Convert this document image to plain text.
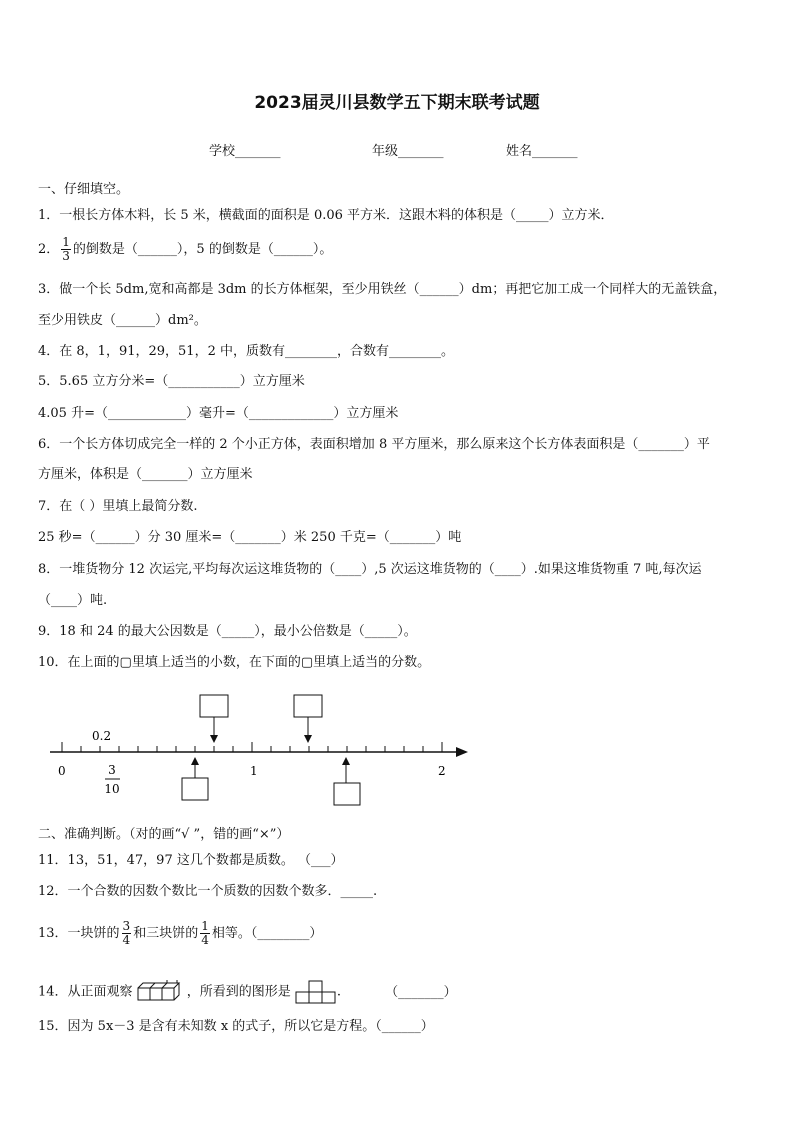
2023届灵川县数学五下期末联考试题
学校_______	年级_______	姓名_______
一、仔细填空。
1．一根长方体木料，长 5 米，横截面的面积是 0.06 平方米．这跟木料的体积是（_____）立方米．
2． $\frac{1}{3}$ 的倒数是（______），5 的倒数是（______）。
3．做一个长 5dm,宽和高都是 3dm 的长方体框架，至少用铁丝（______）dm；再把它加工成一个同样大的无盖铁盒，
至少用铁皮（______）dm²。
4．在 8，1，91，29，51，2 中，质数有________，合数有________。
5．5.65 立方分米=（___________）立方厘米
4.05 升=（____________）毫升=（_____________）立方厘米
6．一个长方体切成完全一样的 2 个小正方体，表面积增加 8 平方厘米，那么原来这个长方体表面积是（_______）平
方厘米，体积是（_______）立方厘米
7．在（ ）里填上最简分数.
25 秒=（______）分 30 厘米=（_______）米 250 千克=（_______）吨
8．一堆货物分 12 次运完,平均每次运这堆货物的（____）,5 次运这堆货物的（____）.如果这堆货物重 7 吨,每次运
（____）吨.
9．18 和 24 的最大公因数是（_____），最小公倍数是（_____）。
10．在上面的▢里填上适当的小数，在下面的▢里填上适当的分数。
0.2
0	1	2
3
10
二、准确判断。（对的画“√ ”，错的画“×”）
11．13，51，47，97 这几个数都是质数。 （___）
12．一个合数的因数个数比一个质数的因数个数多．_____.
13．一块饼的 $\frac{3}{4}$ 和三块饼的 $\frac{1}{4}$ 相等。（________）
14．从正面观察	，所看到的图形是	.	（_______）
15．因为 5x－3 是含有未知数 x 的式子，所以它是方程。（______）
